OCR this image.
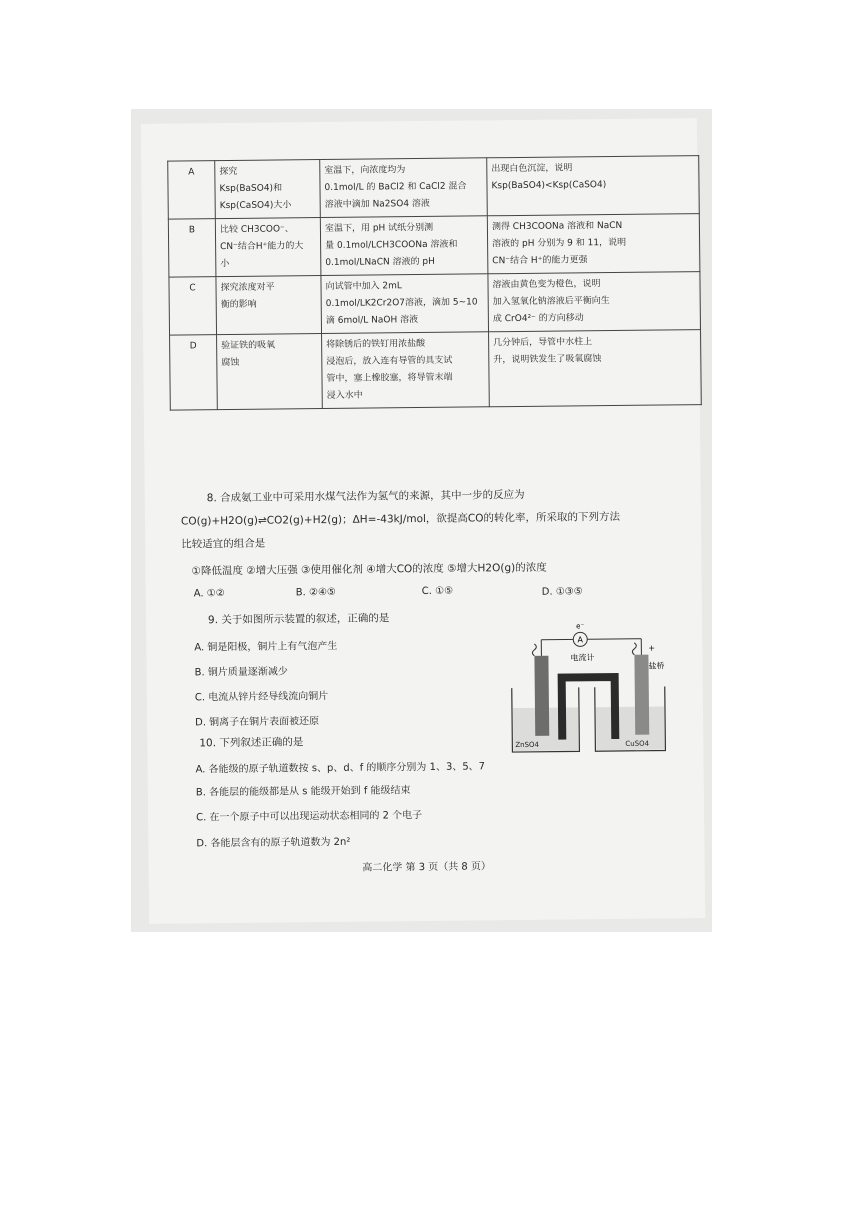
A	探究
Ksp(BaSO4)和
Ksp(CaSO4)大小	室温下，向浓度均为
0.1mol/L 的 BaCl2 和 CaCl2 混合
溶液中滴加 Na2SO4 溶液	出现白色沉淀，说明
Ksp(BaSO4)<Ksp(CaSO4)

B	比较 CH3COO⁻、
CN⁻结合H⁺能力的大
小	室温下，用 pH 试纸分别测
量 0.1mol/LCH3COONa 溶液和
0.1mol/LNaCN 溶液的 pH	测得 CH3COONa 溶液和 NaCN
溶液的 pH 分别为 9 和 11，说明
CN⁻结合 H⁺的能力更强

C	探究浓度对平
衡的影响	向试管中加入 2mL
0.1mol/LK2Cr2O7溶液，滴加 5~10
滴 6mol/L NaOH 溶液	溶液由黄色变为橙色，说明
加入氢氧化钠溶液后平衡向生
成 CrO4²⁻ 的方向移动

D	验证铁的吸氧
腐蚀	将除锈后的铁钉用浓盐酸
浸泡后，放入连有导管的具支试
管中，塞上橡胶塞，将导管末端
浸入水中	几分钟后，导管中水柱上
升，说明铁发生了吸氧腐蚀
8. 合成氨工业中可采用水煤气法作为氢气的来源，其中一步的反应为
CO(g)+H2O(g)⇌CO2(g)+H2(g)；ΔH=-43kJ/mol，欲提高CO的转化率，所采取的下列方法
比较适宜的组合是
①降低温度 ②增大压强 ③使用催化剂 ④增大CO的浓度 ⑤增大H2O(g)的浓度
A. ①②	B. ②④⑤	C. ①⑤	D. ①③⑤
9. 关于如图所示装置的叙述，正确的是
A. 铜是阳极，铜片上有气泡产生
B. 铜片质量逐渐减少
C. 电流从锌片经导线流向铜片
D. 铜离子在铜片表面被还原
10. 下列叙述正确的是
A. 各能级的原子轨道数按 s、p、d、f 的顺序分别为 1、3、5、7
B. 各能层的能级都是从 s 能级开始到 f 能级结束
C. 在一个原子中可以出现运动状态相同的 2 个电子
D. 各能层含有的原子轨道数为 2n²
高二化学 第 3 页（共 8 页）
A
e⁻
+
电流计
盐桥
ZnSO4	CuSO4
